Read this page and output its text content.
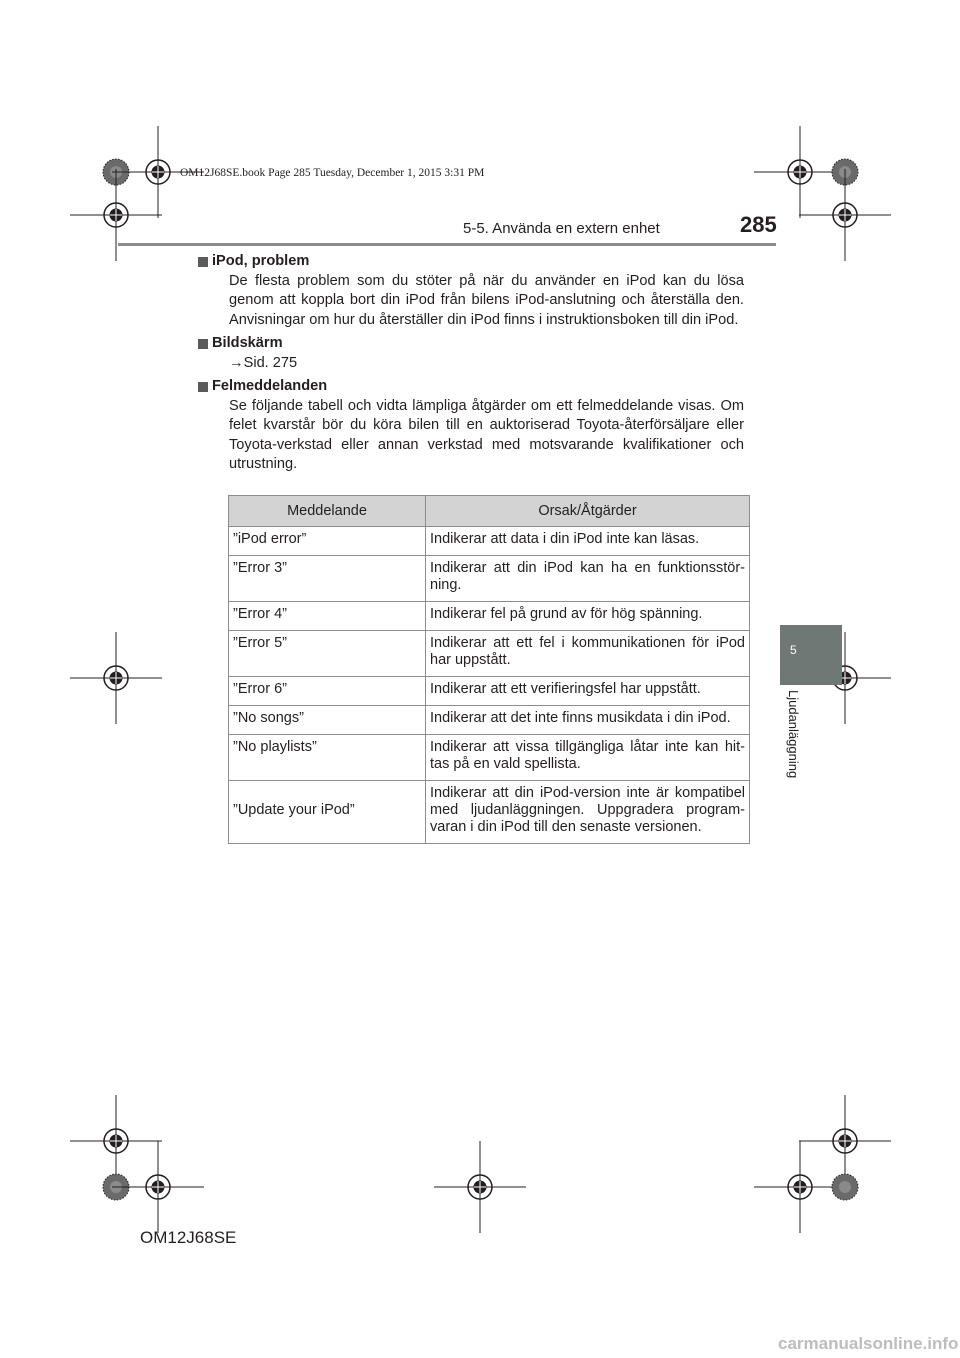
OM12J68SE.book Page 285 Tuesday, December 1, 2015 3:31 PM
5-5. Använda en extern enhet	285
5
Ljudanläggning
iPod, problem
De flesta problem som du stöter på när du använder en iPod kan du lösa genom att koppla bort din iPod från bilens iPod-anslutning och återställa den. Anvisningar om hur du återställer din iPod finns i instruktionsboken till din iPod.
Bildskärm
→Sid. 275
Felmeddelanden
Se följande tabell och vidta lämpliga åtgärder om ett felmeddelande visas. Om felet kvarstår bör du köra bilen till en auktoriserad Toyota-återförsäljare eller Toyota-verkstad eller annan verkstad med motsvarande kvalifikationer och utrustning.
Meddelande	Orsak/Åtgärder
”iPod error”	Indikerar att data i din iPod inte kan läsas.
”Error 3”	Indikerar att din iPod kan ha en funktionsstör- ning.
”Error 4”	Indikerar fel på grund av för hög spänning.
”Error 5”	Indikerar att ett fel i kommunikationen för iPod har uppstått.
”Error 6”	Indikerar att ett verifieringsfel har uppstått.
”No songs”	Indikerar att det inte finns musikdata i din iPod.
”No playlists”	Indikerar att vissa tillgängliga låtar inte kan hit- tas på en vald spellista.
”Update your iPod”	Indikerar att din iPod-version inte är kompatibel med ljudanläggningen. Uppgradera program- varan i din iPod till den senaste versionen.
OM12J68SE
carmanualsonline.info
